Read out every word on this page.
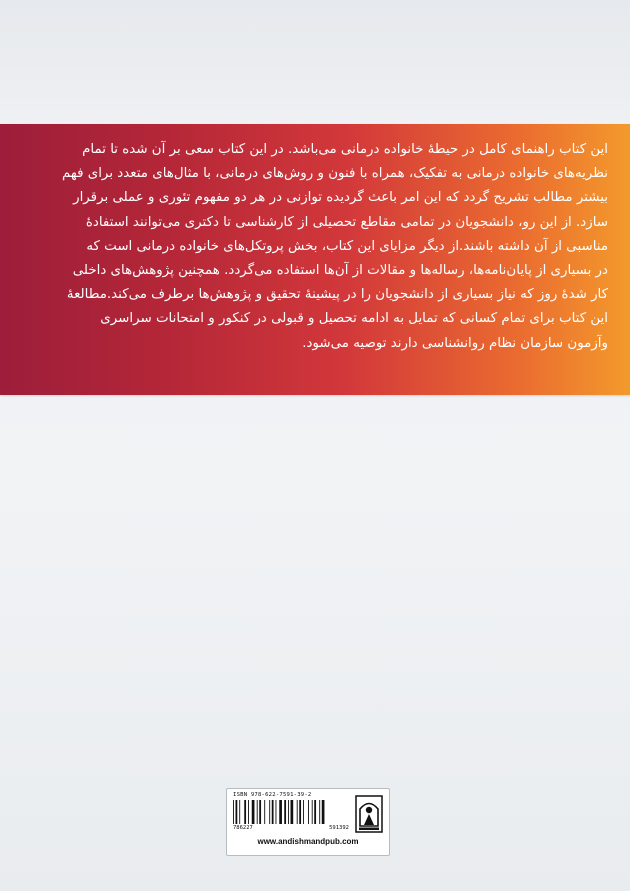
این کتاب راهنمای کامل در حیطهٔ خانواده درمانی می‌باشد. در این کتاب سعی بر آن شده تا تمام
نظریه‌های خانواده درمانی به تفکیک، همراه با فنون و روش‌های درمانی، با مثال‌های متعدد برای فهم
بیشتر مطالب تشریح گردد که این امر باعث گردیده توازنی در هر دو مفهوم تئوری و عملی برقرار
سازد. از این رو، دانشجویان در تمامی مقاطع تحصیلی از کارشناسی تا دکتری می‌توانند استفادهٔ
مناسبی از آن داشته باشند.از دیگر مزایای این کتاب، بخش پروتکل‌های خانواده درمانی است که
در بسیاری از پایان‌نامه‌ها، رساله‌ها و مقالات از آن‌ها استفاده می‌گردد. همچنین پژوهش‌های داخلی
کار شدهٔ روز که نیاز بسیاری از دانشجویان را در پیشینهٔ تحقیق و پژوهش‌ها برطرف می‌کند.مطالعهٔ
این کتاب برای تمام کسانی که تمایل به ادامه تحصیل و قبولی در کنکور و امتحانات سراسری
وآزمون سازمان نظام روانشناسی دارند توصیه می‌شود.
ISBN 978-622-7591-39-2
786227	591392
www.andishmandpub.com
